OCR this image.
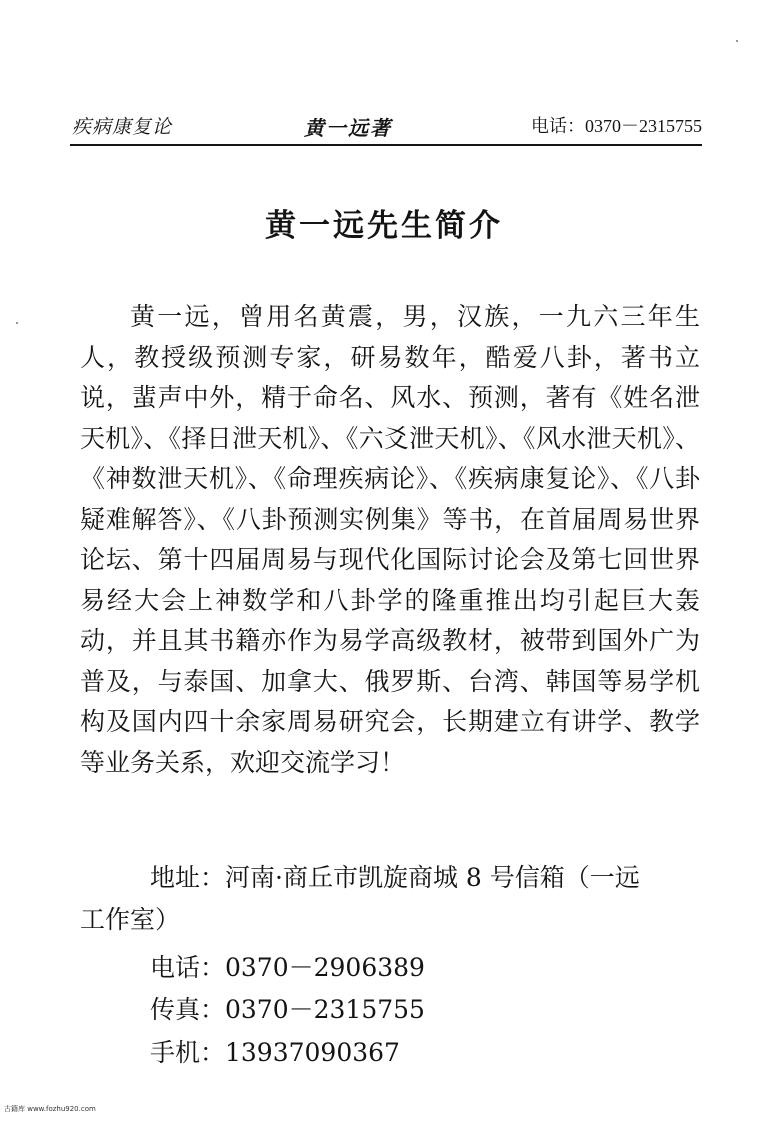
疾病康复论	黄一远著	电话：0370－2315755
黄一远先生简介

黄一远，曾用名黄震，男，汉族，一九六三年生人，教授级预测专家，研易数年，酷爱八卦，著书立说，蜚声中外，精于命名、风水、预测，著有《姓名泄天机》、《择日泄天机》、《六爻泄天机》、《风水泄天机》、《神数泄天机》、《命理疾病论》、《疾病康复论》、《八卦疑难解答》、《八卦预测实例集》等书，在首届周易世界论坛、第十四届周易与现代化国际讨论会及第七回世界易经大会上神数学和八卦学的隆重推出均引起巨大轰动，并且其书籍亦作为易学高级教材，被带到国外广为普及，与泰国、加拿大、俄罗斯、台湾、韩国等易学机构及国内四十余家周易研究会，长期建立有讲学、教学等业务关系，欢迎交流学习！

地址：河南·商丘市凯旋商城 8 号信箱（一远
工作室）
电话：0370－2906389
传真：0370－2315755
手机：13937090367
古籍库 www.fozhu920.com
